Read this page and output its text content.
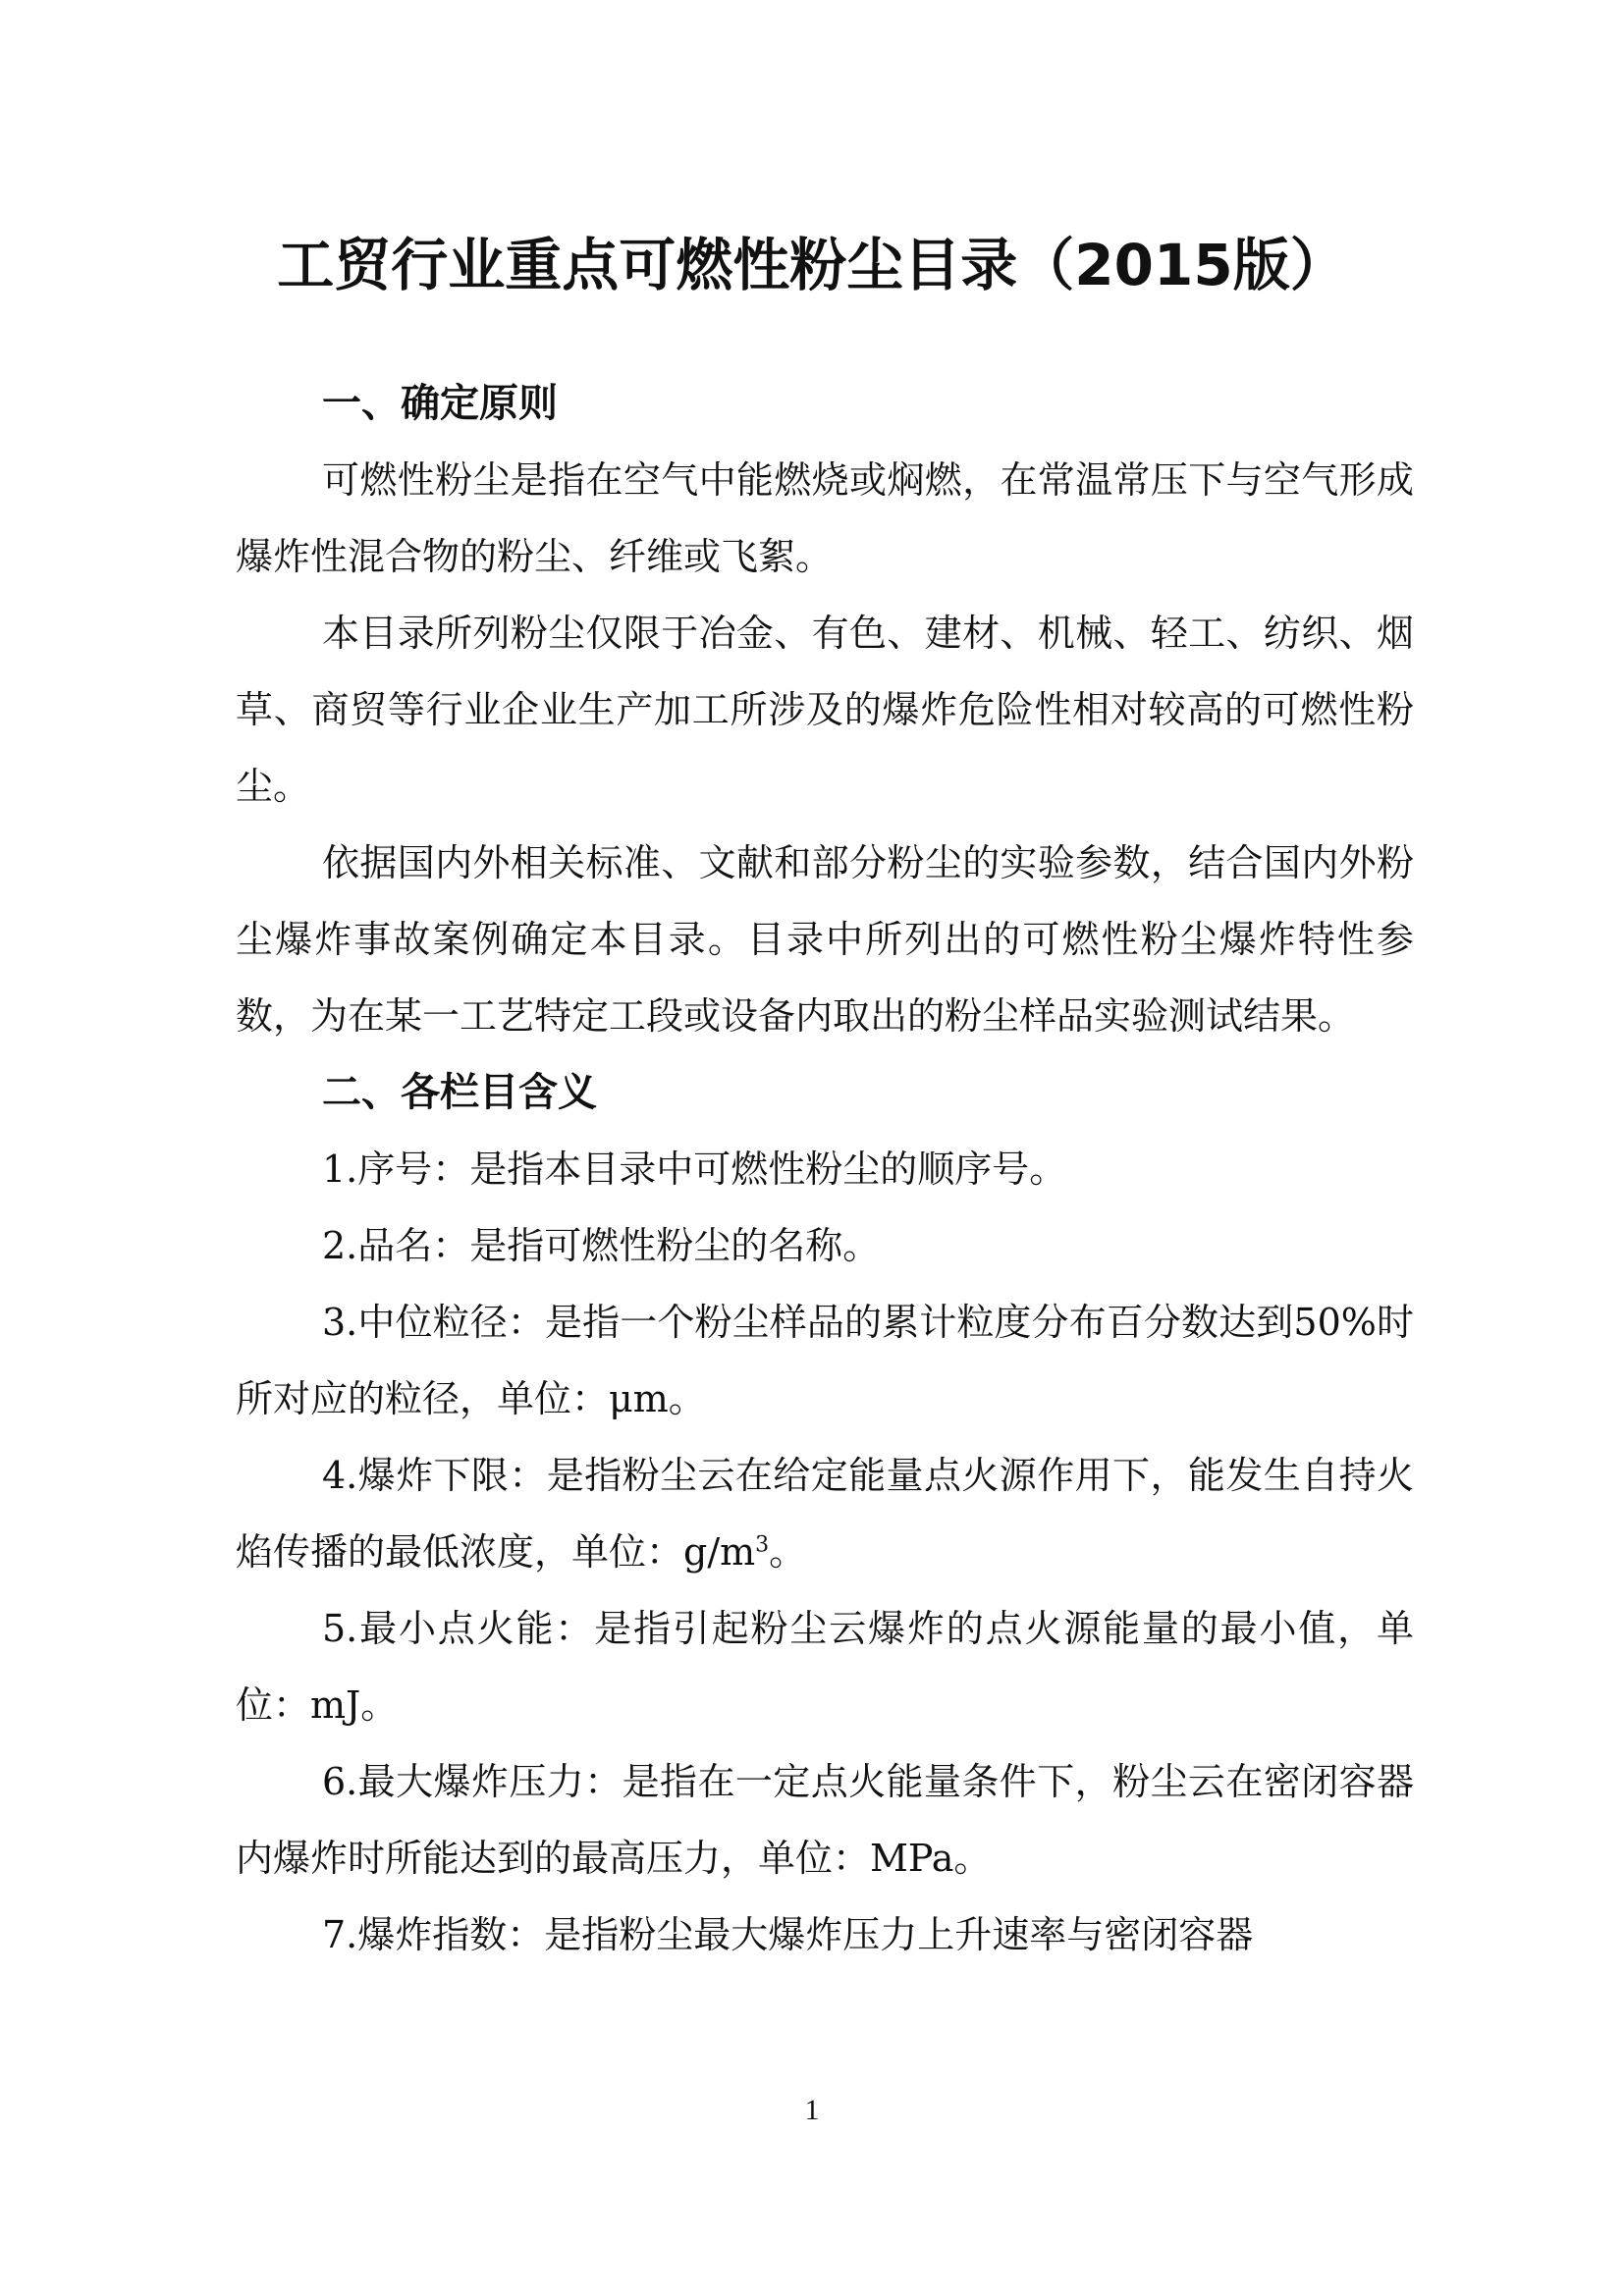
工贸行业重点可燃性粉尘目录（2015版）

一、确定原则

可燃性粉尘是指在空气中能燃烧或焖燃，在常温常压下与空气形成爆炸性混合物的粉尘、纤维或飞絮。

本目录所列粉尘仅限于冶金、有色、建材、机械、轻工、纺织、烟草、商贸等行业企业生产加工所涉及的爆炸危险性相对较高的可燃性粉尘。

依据国内外相关标准、文献和部分粉尘的实验参数，结合国内外粉尘爆炸事故案例确定本目录。目录中所列出的可燃性粉尘爆炸特性参数，为在某一工艺特定工段或设备内取出的粉尘样品实验测试结果。

二、各栏目含义

1.序号：是指本目录中可燃性粉尘的顺序号。

2.品名：是指可燃性粉尘的名称。

3.中位粒径：是指一个粉尘样品的累计粒度分布百分数达到50%时所对应的粒径，单位：μm。

4.爆炸下限：是指粉尘云在给定能量点火源作用下，能发生自持火焰传播的最低浓度，单位：$g/m^3$。

5.最小点火能：是指引起粉尘云爆炸的点火源能量的最小值，单位：mJ。

6.最大爆炸压力：是指在一定点火能量条件下，粉尘云在密闭容器内爆炸时所能达到的最高压力，单位：MPa。

7.爆炸指数：是指粉尘最大爆炸压力上升速率与密闭容器

1
